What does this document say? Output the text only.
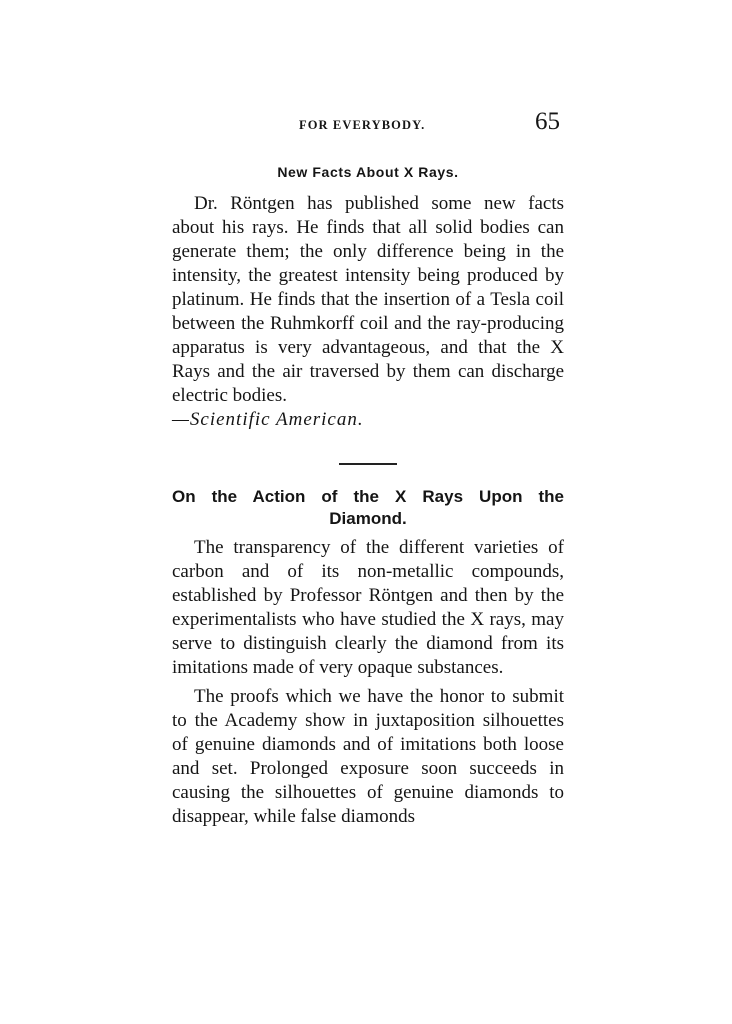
FOR EVERYBODY.	65
New Facts About X Rays.

Dr. Röntgen has published some new facts about his rays. He finds that all solid bodies can generate them; the only difference being in the intensity, the greatest intensity being produced by platinum. He finds that the insertion of a Tesla coil between the Ruhmkorff coil and the ray-producing apparatus is very advantageous, and that the X Rays and the air traversed by them can discharge electric bodies.

—Scientific American.

On the Action of the X Rays Upon the
Diamond.

The transparency of the different varieties of carbon and of its non-metallic compounds, established by Professor Röntgen and then by the experimentalists who have studied the X rays, may serve to distinguish clearly the diamond from its imitations made of very opaque substances.

The proofs which we have the honor to submit to the Academy show in juxtaposition silhouettes of genuine diamonds and of imitations both loose and set. Prolonged exposure soon succeeds in causing the silhouettes of genuine diamonds to disappear, while false diamonds
